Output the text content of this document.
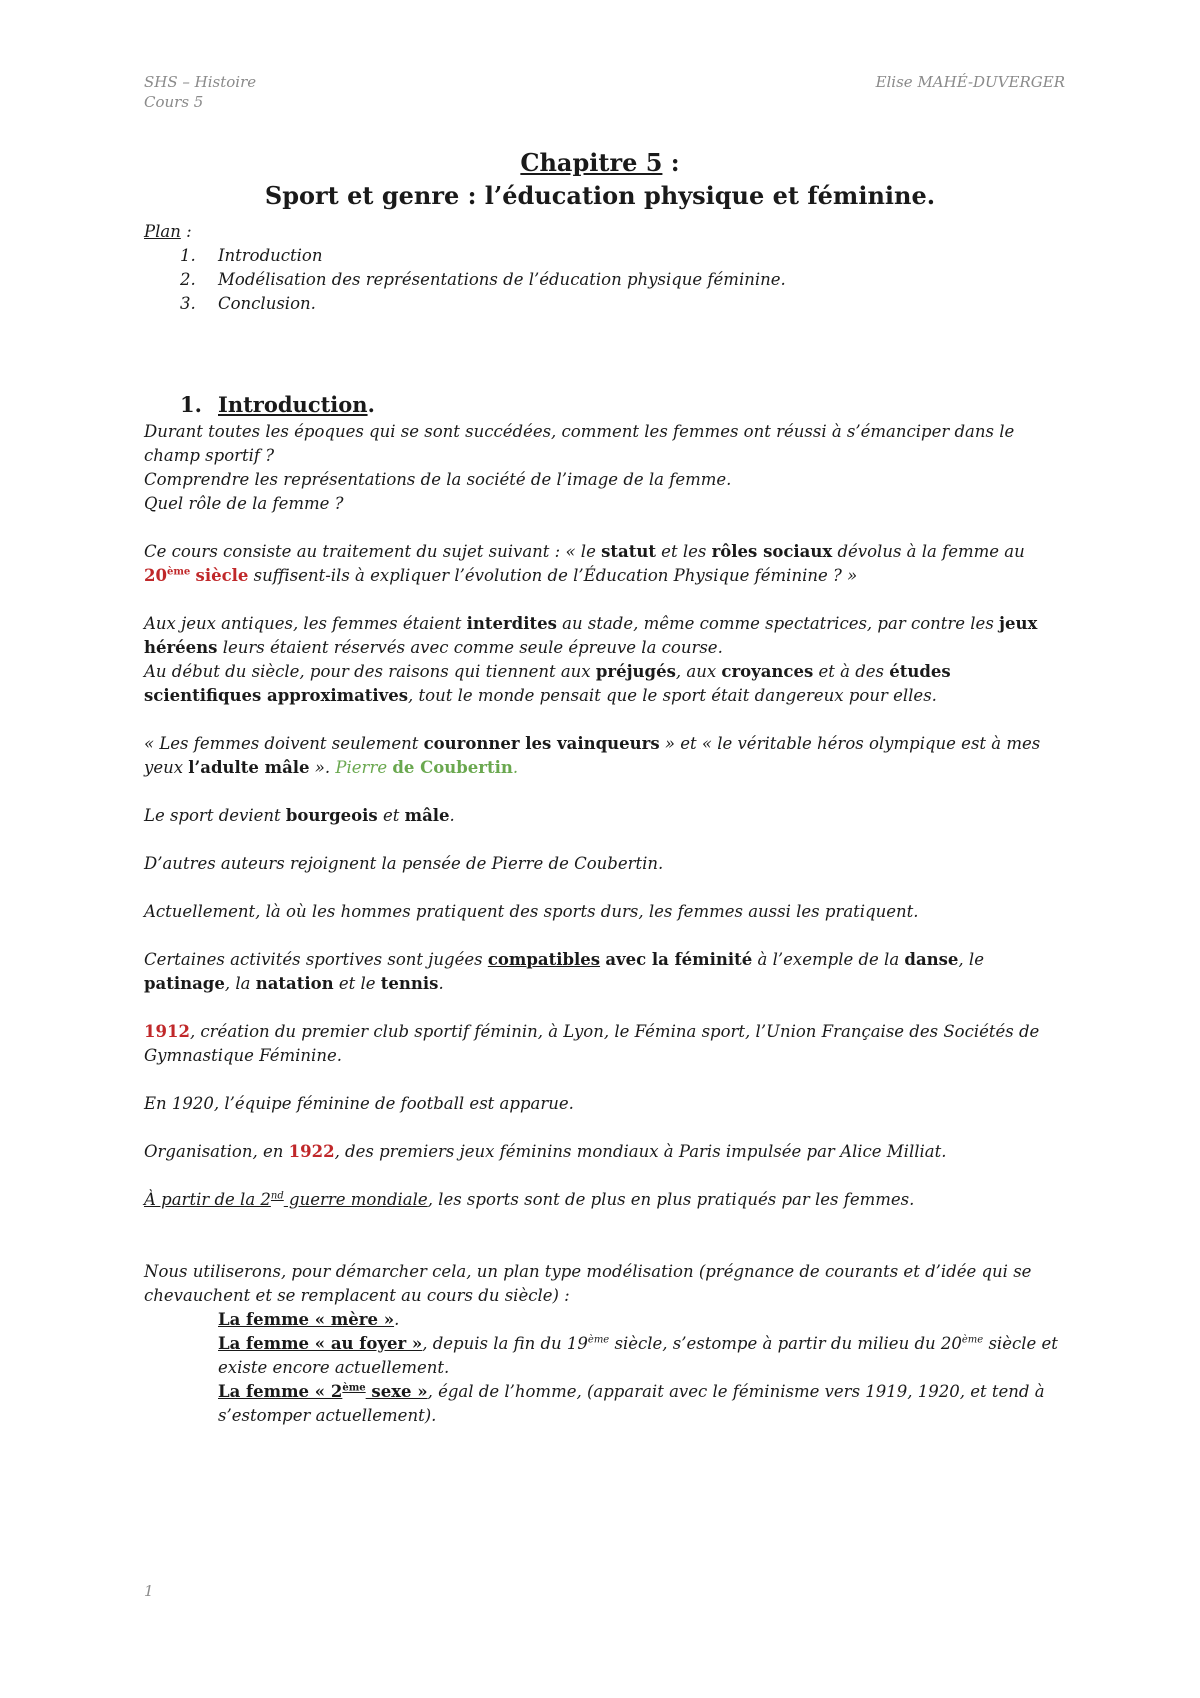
SHS – Histoire
Cours 5
Elise MAHÉ-DUVERGER
Chapitre 5 :
Sport et genre : l’éducation physique et féminine.
Plan :
1.	Introduction
2.	Modélisation des représentations de l’éducation physique féminine.
3.	Conclusion.
1. Introduction .

Durant toutes les époques qui se sont succédées, comment les femmes ont réussi à s’émanciper dans le champ sportif ?

Comprendre les représentations de la société de l’image de la femme.

Quel rôle de la femme ?

Ce cours consiste au traitement du sujet suivant : « le statut et les rôles sociaux dévolus à la femme au 20ème siècle suffisent-ils à expliquer l’évolution de l’Éducation Physique féminine ? »

Aux jeux antiques, les femmes étaient interdites au stade, même comme spectatrices, par contre les jeux héréens leurs étaient réservés avec comme seule épreuve la course.

Au début du siècle, pour des raisons qui tiennent aux préjugés, aux croyances et à des études scientifiques approximatives, tout le monde pensait que le sport était dangereux pour elles.

« Les femmes doivent seulement couronner les vainqueurs » et « le véritable héros olympique est à mes yeux l’adulte mâle ». Pierre de Coubertin.

Le sport devient bourgeois et mâle.

D’autres auteurs rejoignent la pensée de Pierre de Coubertin.
Actuellement, là où les hommes pratiquent des sports durs, les femmes aussi les pratiquent.

Certaines activités sportives sont jugées compatibles avec la féminité à l’exemple de la danse, le patinage, la natation et le tennis.

1912, création du premier club sportif féminin, à Lyon, le Fémina sport, l’Union Française des Sociétés de Gymnastique Féminine.

En 1920, l’équipe féminine de football est apparue.

Organisation, en 1922, des premiers jeux féminins mondiaux à Paris impulsée par Alice Milliat.

À partir de la 2nd guerre mondiale, les sports sont de plus en plus pratiqués par les femmes.

Nous utiliserons, pour démarcher cela, un plan type modélisation (prégnance de courants et d’idée qui se chevauchent et se remplacent au cours du siècle) :
La femme « mère ».
La femme « au foyer », depuis la fin du 19ème siècle, s’estompe à partir du milieu du 20ème siècle et existe encore actuellement.
La femme « 2ème sexe », égal de l’homme, (apparait avec le féminisme vers 1919, 1920, et tend à s’estomper actuellement).
1
